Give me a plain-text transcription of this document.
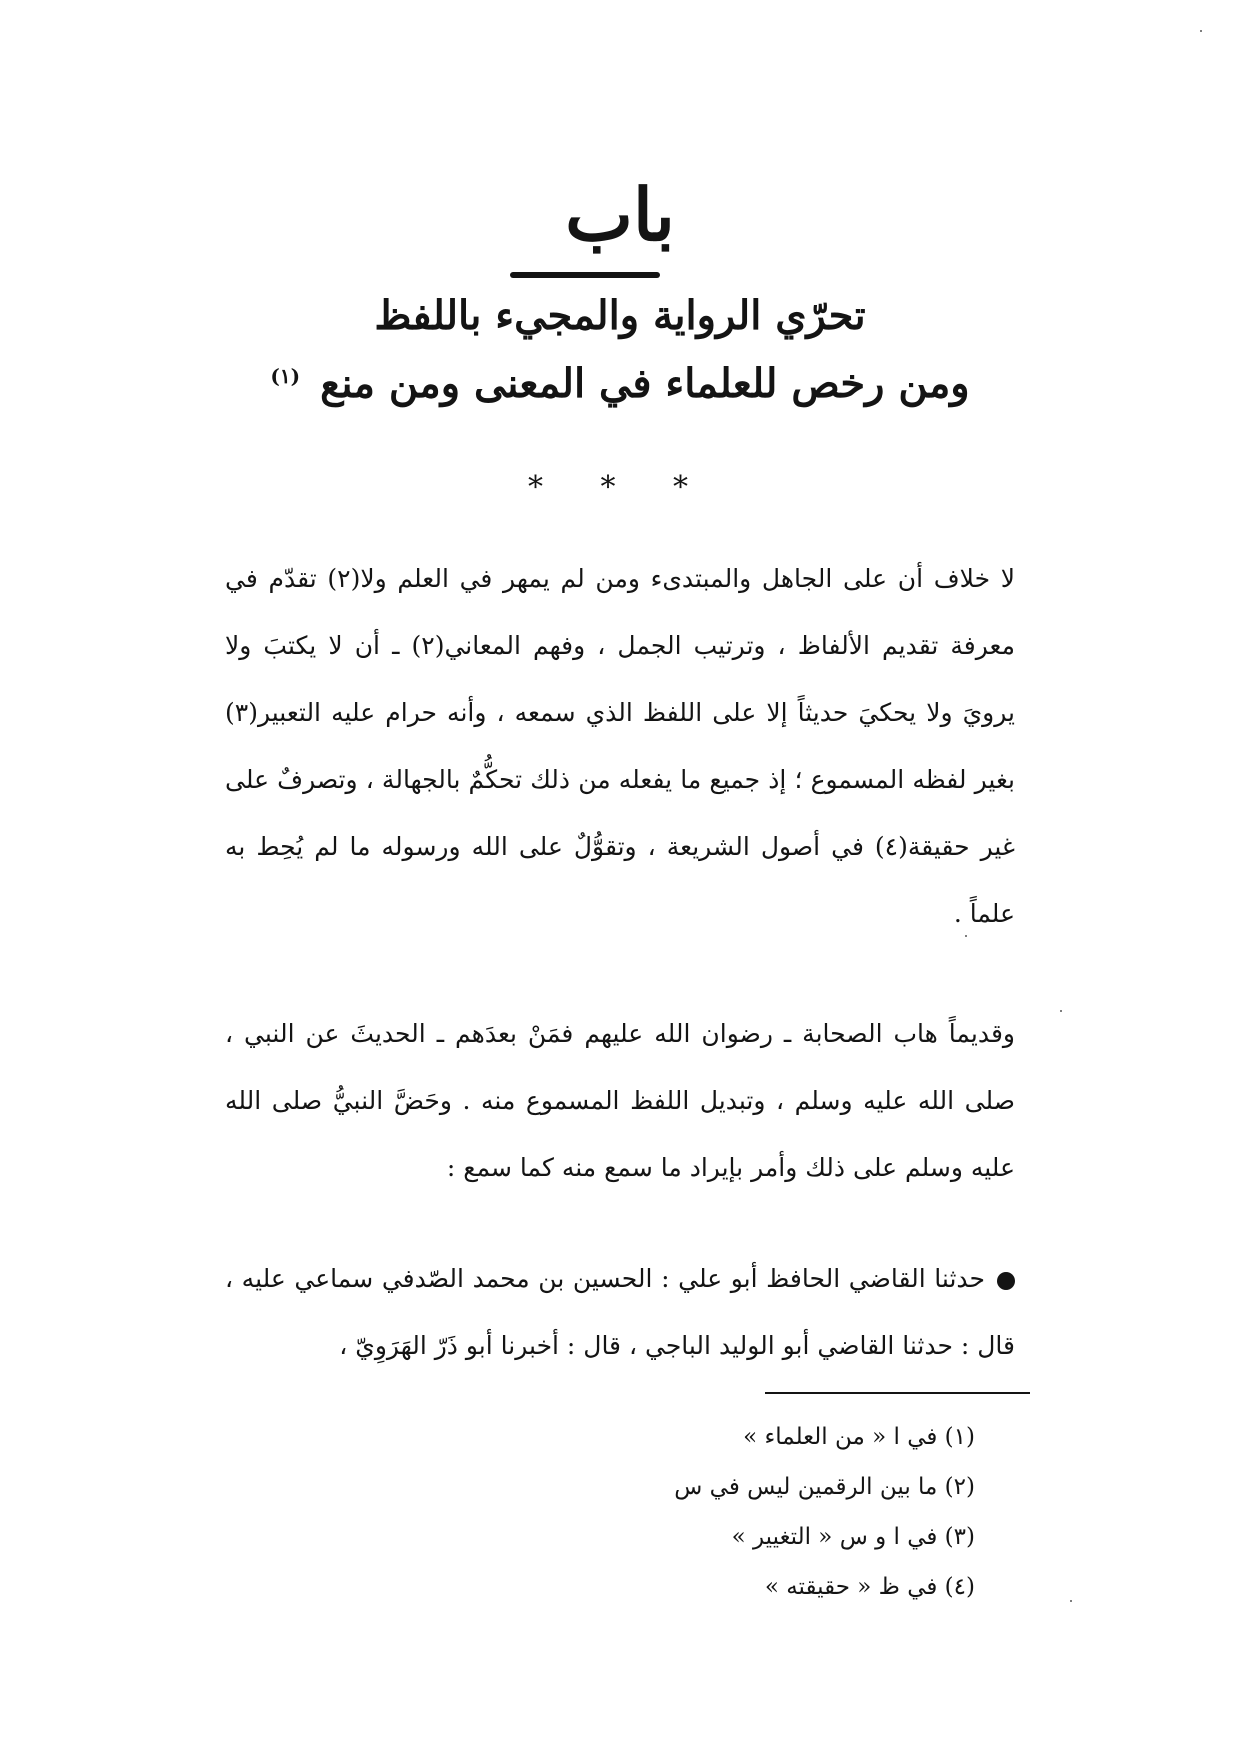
باب
تحرّي الرواية والمجيء باللفظ
ومن رخص للعلماء في المعنى ومن منع$^{(١)}$
* * *

لا خلاف أن على الجاهل والمبتدىء ومن لم يمهر في العلم ولا(٢) تقدّم في معرفة تقديم الألفاظ ، وترتيب الجمل ، وفهم المعاني(٢) ـ أن لا يكتبَ ولا يرويَ ولا يحكيَ حديثاً إلا على اللفظ الذي سمعه ، وأنه حرام عليه التعبير(٣) بغير لفظه المسموع ؛ إذ جميع ما يفعله من ذلك تحكُّمٌ بالجهالة ، وتصرفٌ على غير حقيقة(٤) في أصول الشريعة ، وتقوُّلٌ على الله ورسوله ما لم يُحِط به علماً .

وقديماً هاب الصحابة ـ رضوان الله عليهم فمَنْ بعدَهم ـ الحديثَ عن النبي ، صلى الله عليه وسلم ، وتبديل اللفظ المسموع منه . وحَضَّ النبيُّ صلى الله عليه وسلم على ذلك وأمر بإيراد ما سمع منه كما سمع :

حدثنا القاضي الحافظ أبو علي : الحسين بن محمد الصّدفي سماعي عليه ، قال : حدثنا القاضي أبو الوليد الباجي ، قال : أخبرنا أبو ذَرّ الهَرَوِيّ ،

(١) في ا « من العلماء »
(٢) ما بين الرقمين ليس في س
(٣) في ا و س « التغيير »
(٤) في ظ « حقيقته »
